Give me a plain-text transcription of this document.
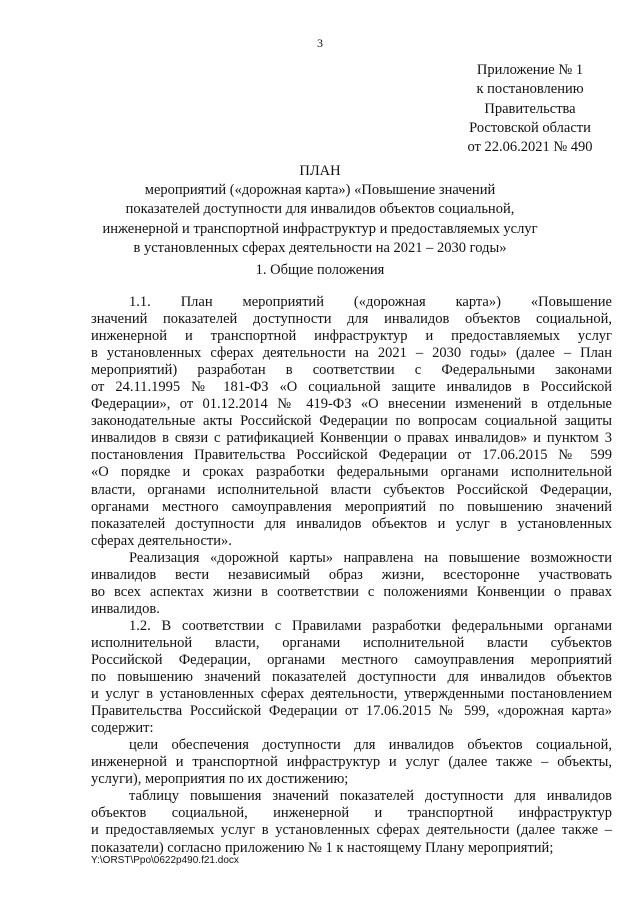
3
Приложение № 1
к постановлению
Правительства
Ростовской области
от 22.06.2021 № 490
ПЛАН
мероприятий («дорожная карта») «Повышение значений
показателей доступности для инвалидов объектов социальной,
инженерной и транспортной инфраструктур и предоставляемых услуг
в установленных сферах деятельности на 2021 – 2030 годы»
1. Общие положения
1.1. План мероприятий («дорожная карта») «Повышение
значений показателей доступности для инвалидов объектов социальной,
инженерной и транспортной инфраструктур и предоставляемых услуг
в установленных сферах деятельности на 2021 – 2030 годы» (далее – План
мероприятий) разработан в соответствии с Федеральными законами
от 24.11.1995 № 181-ФЗ «О социальной защите инвалидов в Российской
Федерации», от 01.12.2014 № 419-ФЗ «О внесении изменений в отдельные
законодательные акты Российской Федерации по вопросам социальной защиты
инвалидов в связи с ратификацией Конвенции о правах инвалидов» и пунктом 3
постановления Правительства Российской Федерации от 17.06.2015 № 599
«О порядке и сроках разработки федеральными органами исполнительной
власти, органами исполнительной власти субъектов Российской Федерации,
органами местного самоуправления мероприятий по повышению значений
показателей доступности для инвалидов объектов и услуг в установленных
сферах деятельности».
Реализация «дорожной карты» направлена на повышение возможности
инвалидов вести независимый образ жизни, всесторонне участвовать
во всех аспектах жизни в соответствии с положениями Конвенции о правах
инвалидов.
1.2. В соответствии с Правилами разработки федеральными органами
исполнительной власти, органами исполнительной власти субъектов
Российской Федерации, органами местного самоуправления мероприятий
по повышению значений показателей доступности для инвалидов объектов
и услуг в установленных сферах деятельности, утвержденными постановлением
Правительства Российской Федерации от 17.06.2015 № 599, «дорожная карта»
содержит:
цели обеспечения доступности для инвалидов объектов социальной,
инженерной и транспортной инфраструктур и услуг (далее также – объекты,
услуги), мероприятия по их достижению;
таблицу повышения значений показателей доступности для инвалидов
объектов социальной, инженерной и транспортной инфраструктур
и предоставляемых услуг в установленных сферах деятельности (далее также –
показатели) согласно приложению № 1 к настоящему Плану мероприятий;
Y:\ORST\Ppo\0622p490.f21.docx
